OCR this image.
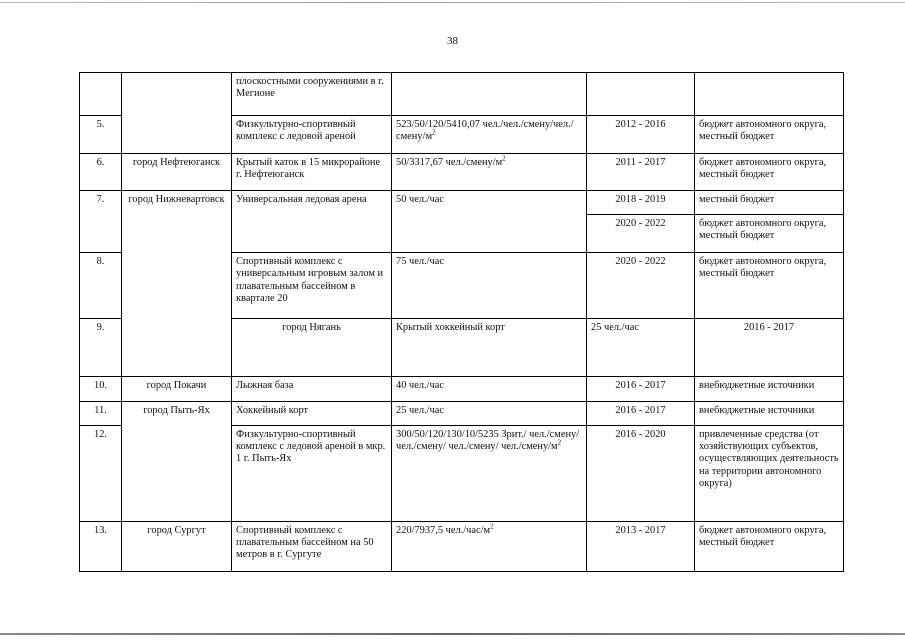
38
		плоскостными сооружениями в г. Мегионе				
5.		Физкультурно-спортивный комплекс с ледовой ареной	523/50/120/5410,07 $чел./чел./смену/чел./смену/м^2$	2012 - 2016	бюджет автономного округа, местный бюджет	
6.	город Нефтеюганск	Крытый каток в 15 микрорайоне г. Нефтеюганск	50/3317,67 $чел./смену/м^2$	2011 - 2017	бюджет автономного округа, местный бюджет	
7.	город Нижневартовск	Универсальная ледовая арена	50 чел./час	2018 - 2019	местный бюджет	
				2020 - 2022	бюджет автономного округа, местный бюджет	
8.		Спортивный комплекс с универсальным игровым залом и плавательным бассейном в квартале 20	75 чел./час	2020 - 2022	бюджет автономного округа, местный бюджет	
9.		город Нягань	Крытый хоккейный корт	25 чел./час	2016 - 2017	
10.	город Покачи	Лыжная база	40 чел./час	2016 - 2017	внебюджетные источники	
11.	город Пыть-Ях	Хоккейный корт	25 чел./час	2016 - 2017	внебюджетные источники	
12.		Физкультурно-спортивный комплекс с ледовой ареной в мкр. 1 г. Пыть-Ях	300/50/120/130/10/5235 Зрит./ чел./смену/ чел./смену/ чел./смену/ $чел./смену/м^2$	2016 - 2020	привлеченные средства (от хозяйствующих субъектов, осуществляющих деятельность на территории автономного округа)	
13.	город Сургут	Спортивный комплекс с плавательным бассейном на 50 метров в г. Сургуте	220/7937,5 $чел./час/м^2$	2013 - 2017	бюджет автономного округа, местный бюджет	
